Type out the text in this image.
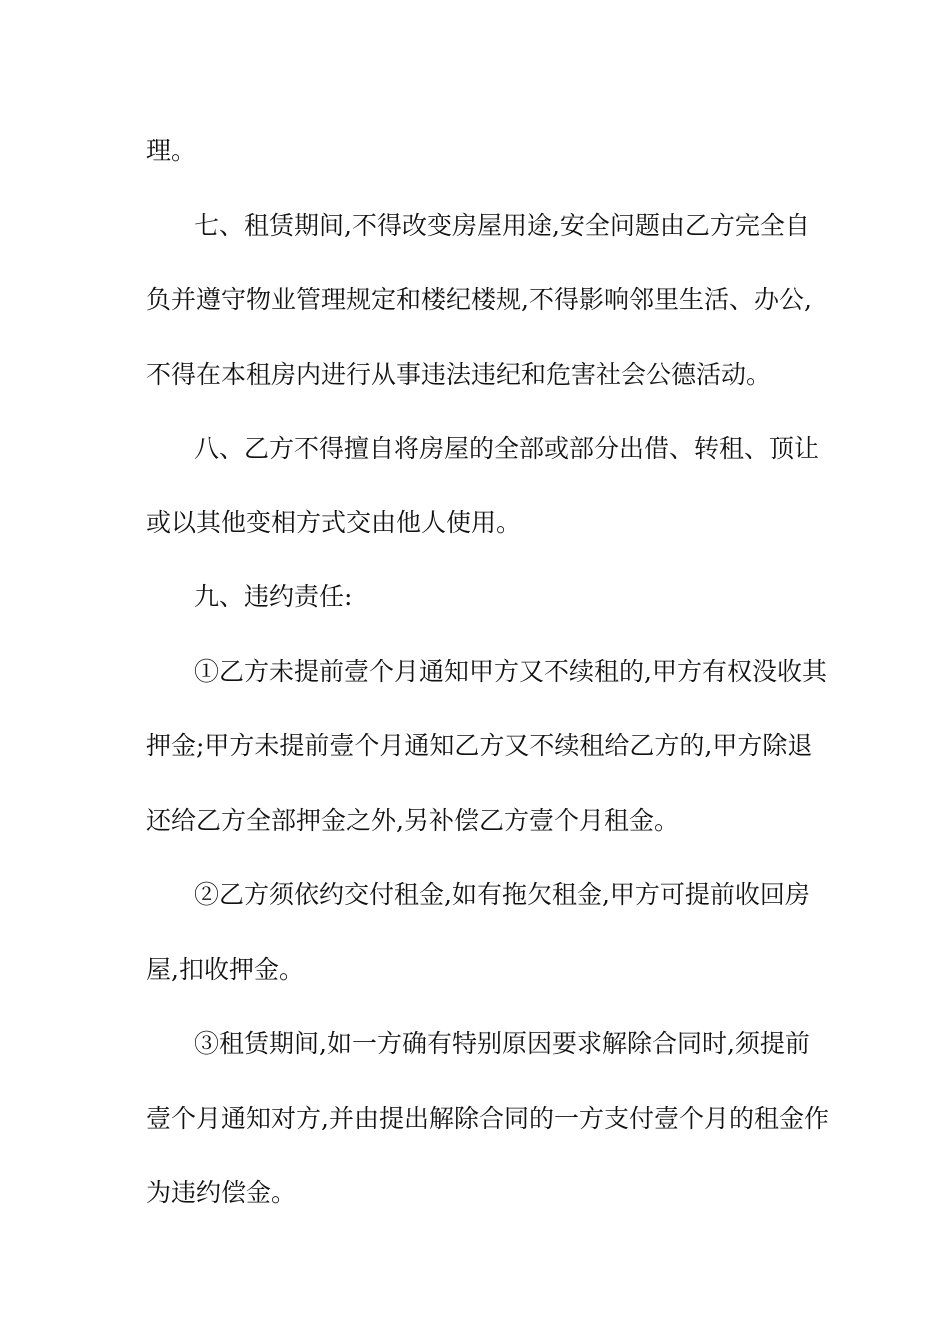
理。
七、租赁期间,不得改变房屋用途,安全问题由乙方完全自
负并遵守物业管理规定和楼纪楼规,不得影响邻里生活、办公,
不得在本租房内进行从事违法违纪和危害社会公德活动。
八、乙方不得擅自将房屋的全部或部分出借、转租、顶让
或以其他变相方式交由他人使用。
九、违约责任:
①乙方未提前壹个月通知甲方又不续租的,甲方有权没收其
押金;甲方未提前壹个月通知乙方又不续租给乙方的,甲方除退
还给乙方全部押金之外,另补偿乙方壹个月租金。
②乙方须依约交付租金,如有拖欠租金,甲方可提前收回房
屋,扣收押金。
③租赁期间,如一方确有特别原因要求解除合同时,须提前
壹个月通知对方,并由提出解除合同的一方支付壹个月的租金作
为违约偿金。
